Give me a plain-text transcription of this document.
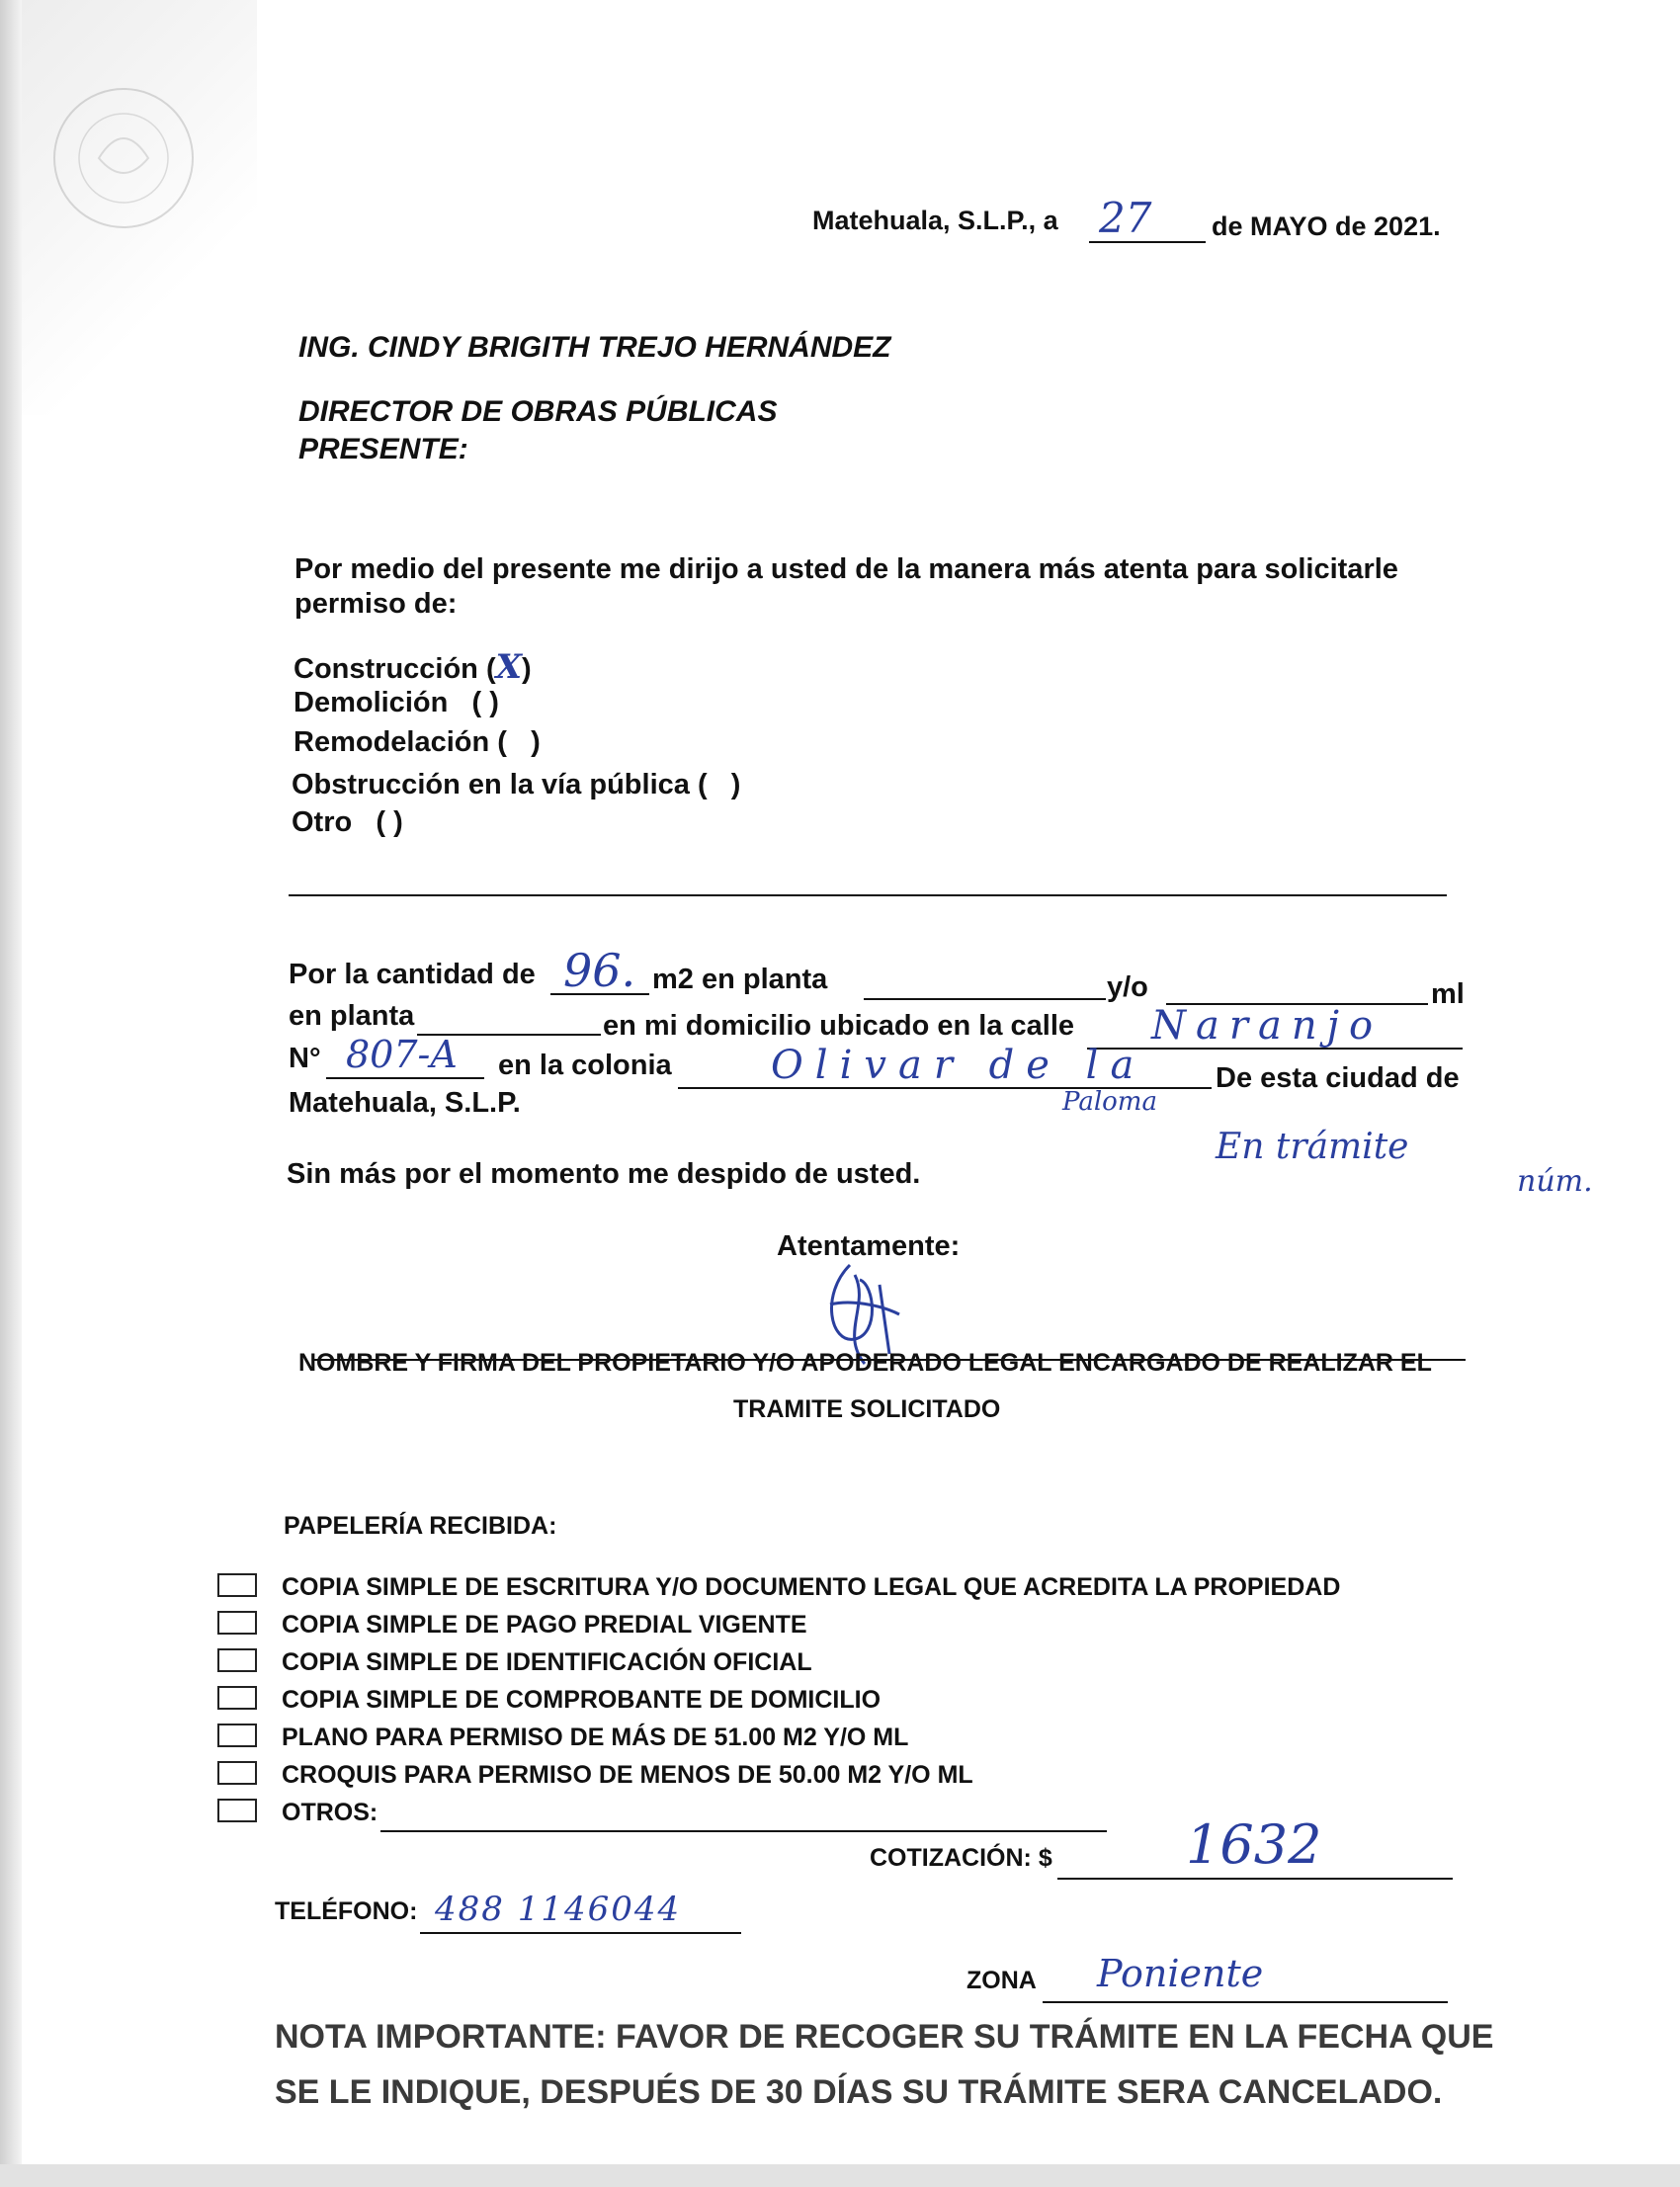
Matehuala, S.L.P., a 27 de MAYO de 2021.
ING. CINDY BRIGITH TREJO HERNÁNDEZ
DIRECTOR DE OBRAS PÚBLICAS
PRESENTE:
Por medio del presente me dirijo a usted de la manera más atenta para solicitarle
permiso de:
Construcción (X)
Demolición ( )
Remodelación ( )
Obstrucción en la vía pública ( )
Otro ( )
Por la cantidad de 96. m2 en planta	y/o	ml
en planta	en mi domicilio ubicado en la calle Naranjo
N° 807-A en la colonia	Olivar de la
Paloma
De esta ciudad de
Matehuala, S.L.P.
En trámite
núm.
Sin más por el momento me despido de usted.
Atentamente:
NOMBRE Y FIRMA DEL PROPIETARIO Y/O APODERADO LEGAL ENCARGADO DE REALIZAR EL
TRAMITE SOLICITADO
PAPELERÍA RECIBIDA:
COPIA SIMPLE DE ESCRITURA Y/O DOCUMENTO LEGAL QUE ACREDITA LA PROPIEDAD
COPIA SIMPLE DE PAGO PREDIAL VIGENTE
COPIA SIMPLE DE IDENTIFICACIÓN OFICIAL
COPIA SIMPLE DE COMPROBANTE DE DOMICILIO
PLANO PARA PERMISO DE MÁS DE 51.00 M2 Y/O ML
CROQUIS PARA PERMISO DE MENOS DE 50.00 M2 Y/O ML
OTROS:
COTIZACIÓN: $	1632
TELÉFONO: 488 1146044
ZONA Poniente
NOTA IMPORTANTE: FAVOR DE RECOGER SU TRÁMITE EN LA FECHA QUE
SE LE INDIQUE, DESPUÉS DE 30 DÍAS SU TRÁMITE SERA CANCELADO.
